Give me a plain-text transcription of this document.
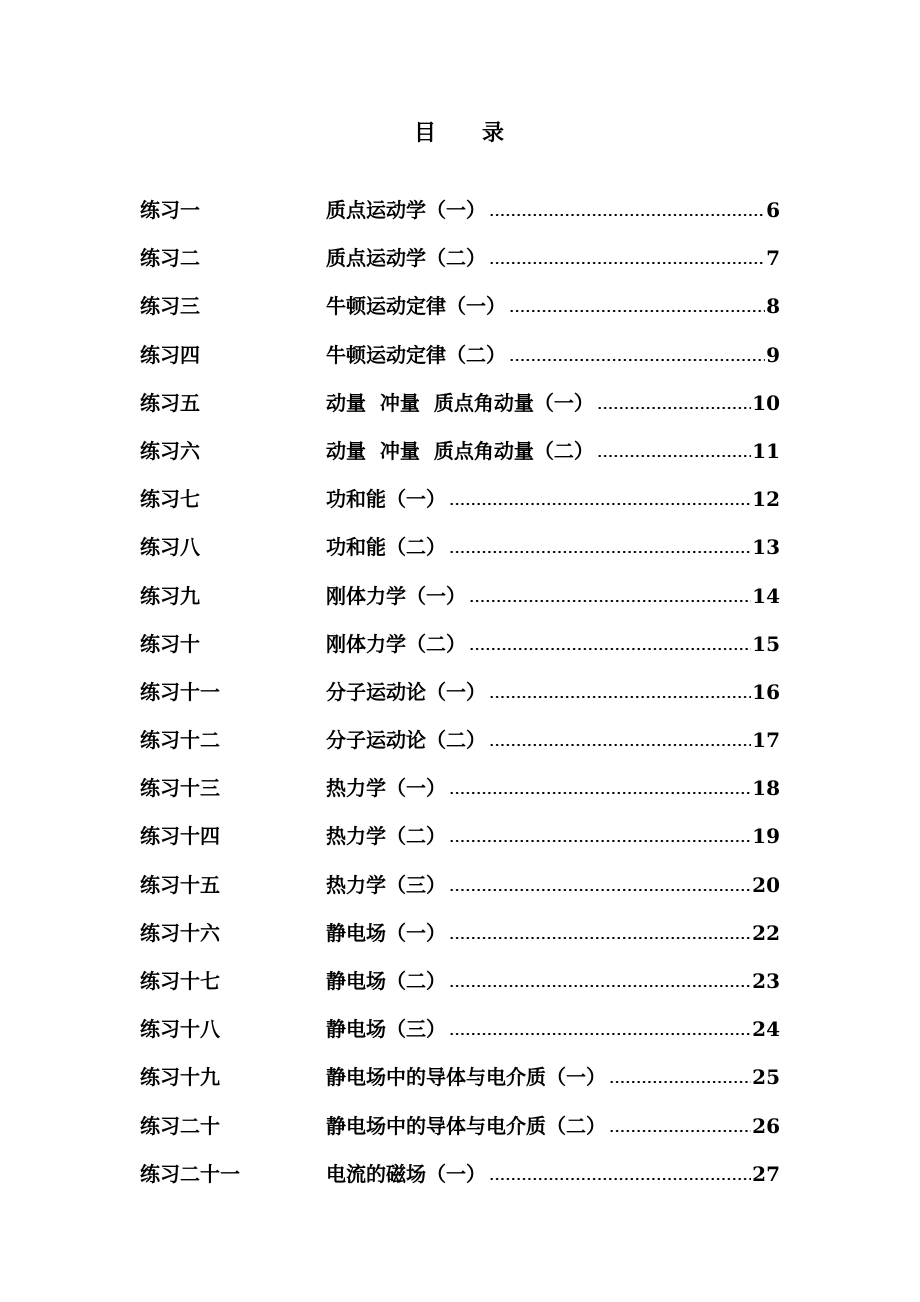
目 录
练习一	质点运动学（一）	6
练习二	质点运动学（二）	7
练习三	牛顿运动定律（一）	8
练习四	牛顿运动定律（二）	9
练习五	动量  冲量  质点角动量（一）	10
练习六	动量  冲量  质点角动量（二）	11
练习七	功和能（一）	12
练习八	功和能（二）	13
练习九	刚体力学（一）	14
练习十	刚体力学（二）	15
练习十一	分子运动论（一）	16
练习十二	分子运动论（二）	17
练习十三	热力学（一）	18
练习十四	热力学（二）	19
练习十五	热力学（三）	20
练习十六	静电场（一）	22
练习十七	静电场（二）	23
练习十八	静电场（三）	24
练习十九	静电场中的导体与电介质（一）	25
练习二十	静电场中的导体与电介质（二）	26
练习二十一	电流的磁场（一）	27
